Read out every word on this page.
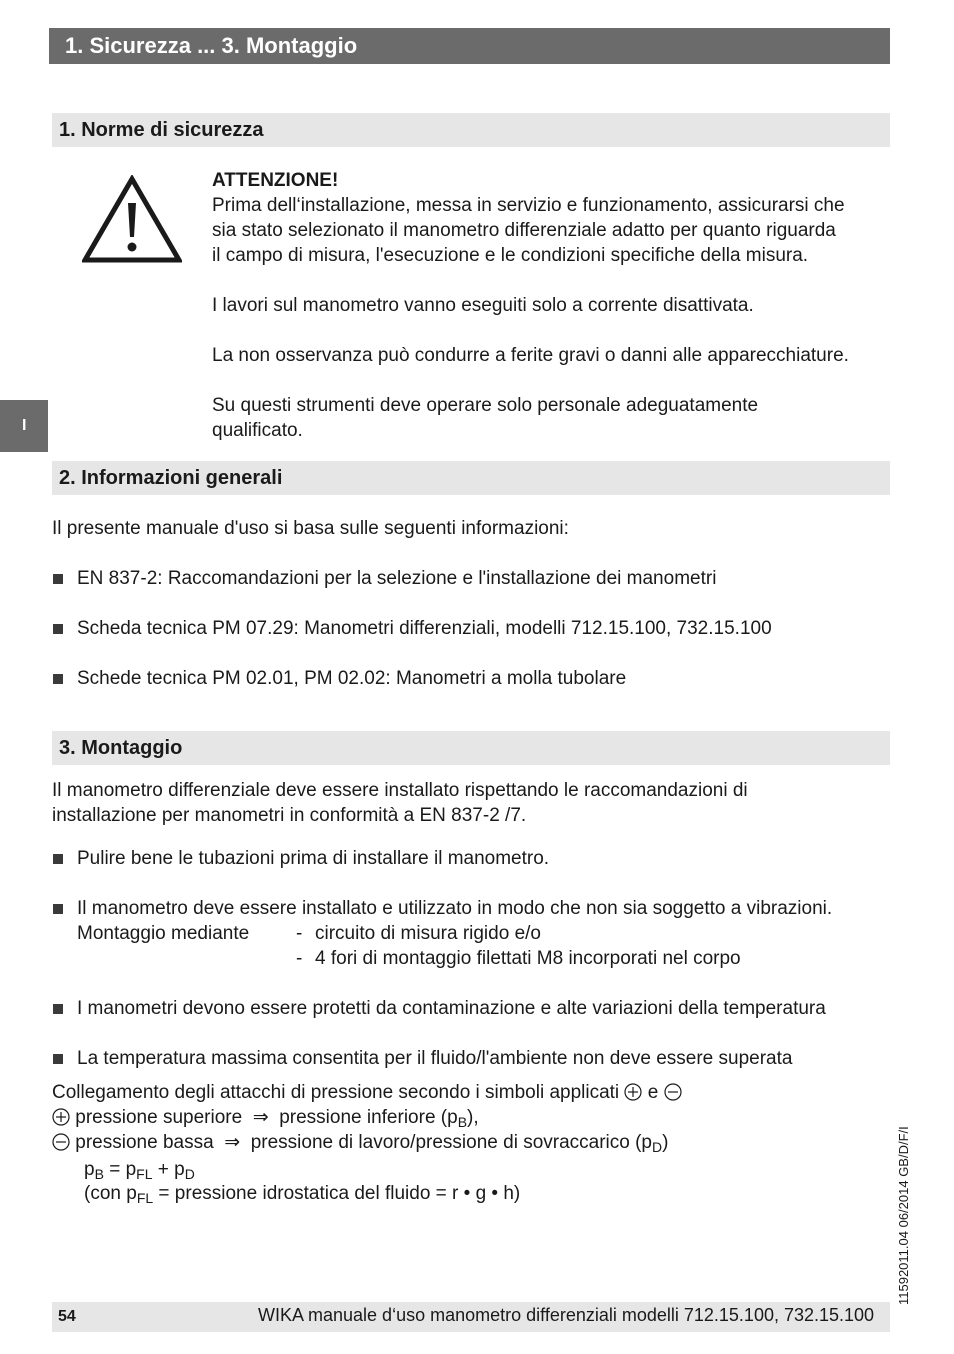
1. Sicurezza ... 3. Montaggio
I
1. Norme di sicurezza
ATTENZIONE!
Prima dell‘installazione, messa in servizio e funzionamento, assicurarsi che
sia stato selezionato il manometro differenziale adatto per quanto riguarda
il campo di misura, l'esecuzione e le condizioni specifiche della misura.
I lavori sul manometro vanno eseguiti solo a corrente disattivata.
La non osservanza può condurre a ferite gravi o danni alle apparecchiature.
Su questi strumenti deve operare solo personale adeguatamente
qualificato.
2. Informazioni generali
Il presente manuale d'uso si basa sulle seguenti informazioni:
EN 837-2: Raccomandazioni per la selezione e l'installazione dei manometri
Scheda tecnica PM 07.29: Manometri differenziali, modelli 712.15.100, 732.15.100
Schede tecnica PM 02.01, PM 02.02: Manometri a molla tubolare
3. Montaggio
Il manometro differenziale deve essere installato rispettando le raccomandazioni di
installazione per manometri in conformità a EN 837-2 /7.
Pulire bene le tubazioni prima di installare il manometro.
Il manometro deve essere installato e utilizzato in modo che non sia soggetto a vibrazioni.
Montaggio mediante - circuito di misura rigido e/o
- 4 fori di montaggio filettati M8 incorporati nel corpo
I manometri devono essere protetti da contaminazione e alte variazioni della temperatura
La temperatura massima consentita per il fluido/l'ambiente non deve essere superata
Collegamento degli attacchi di pressione secondo i simboli applicati e
pressione superiore ⇒ pressione inferiore $(p_B)$,
pressione bassa ⇒ pressione di lavoro/pressione di sovraccarico $(p_D)$
$p_B = p_{FL} + p_D$
(con $p_{FL}$ = pressione idrostatica del fluido = r • g • h)	11592011.04 06/2014 GB/D/F/I
54	WIKA manuale d‘uso manometro differenziali modelli 712.15.100, 732.15.100
